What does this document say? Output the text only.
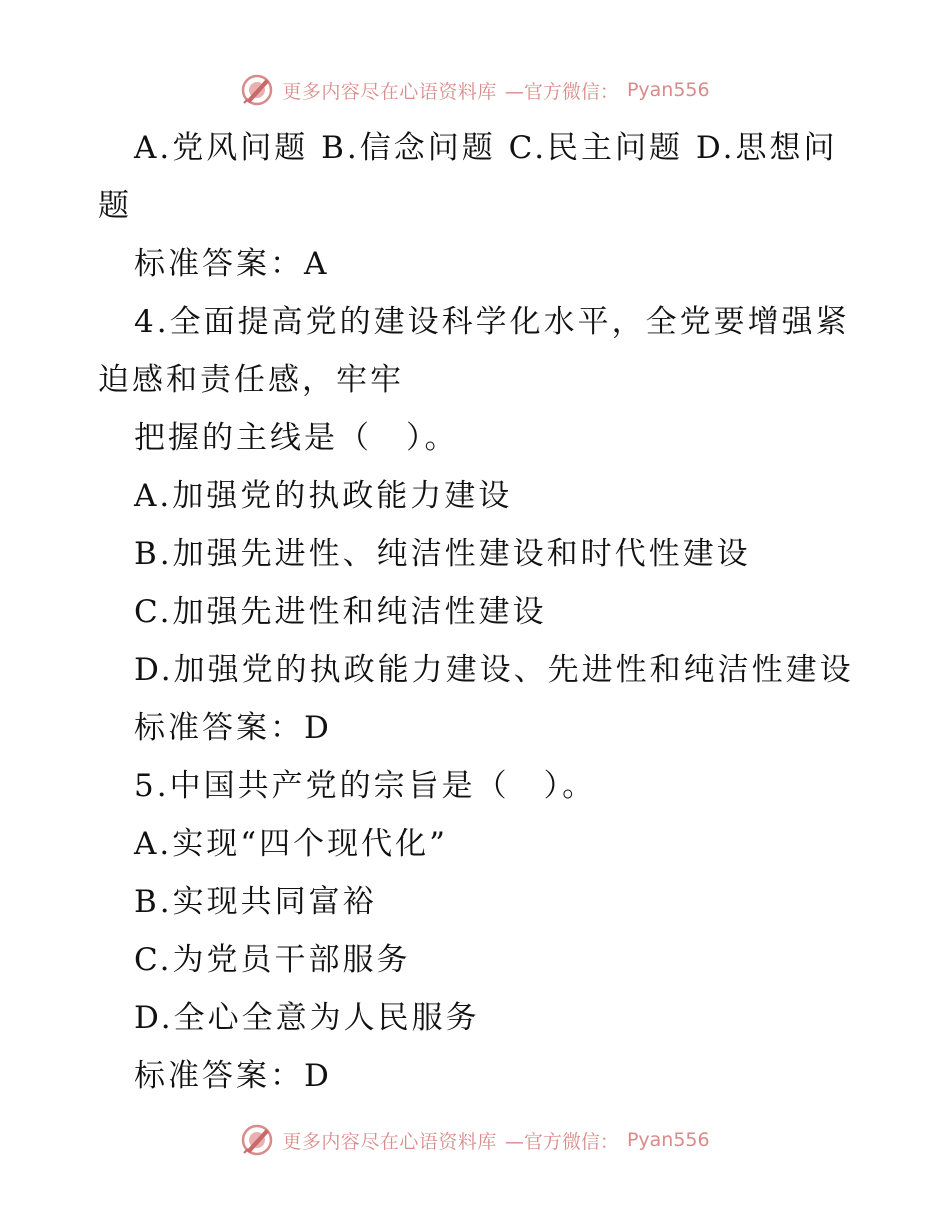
更多内容尽在心语资料库 —官方微信： Pyan556
A.党风问题 B.信念问题 C.民主问题 D.思想问
题
标准答案：A
4.全面提高党的建设科学化水平，全党要增强紧
迫感和责任感，牢牢
把握的主线是（　）。
A.加强党的执政能力建设
B.加强先进性、纯洁性建设和时代性建设
C.加强先进性和纯洁性建设
D.加强党的执政能力建设、先进性和纯洁性建设
标准答案：D
5.中国共产党的宗旨是（　）。
A.实现“四个现代化”
B.实现共同富裕
C.为党员干部服务
D.全心全意为人民服务
标准答案：D
更多内容尽在心语资料库 —官方微信： Pyan556
